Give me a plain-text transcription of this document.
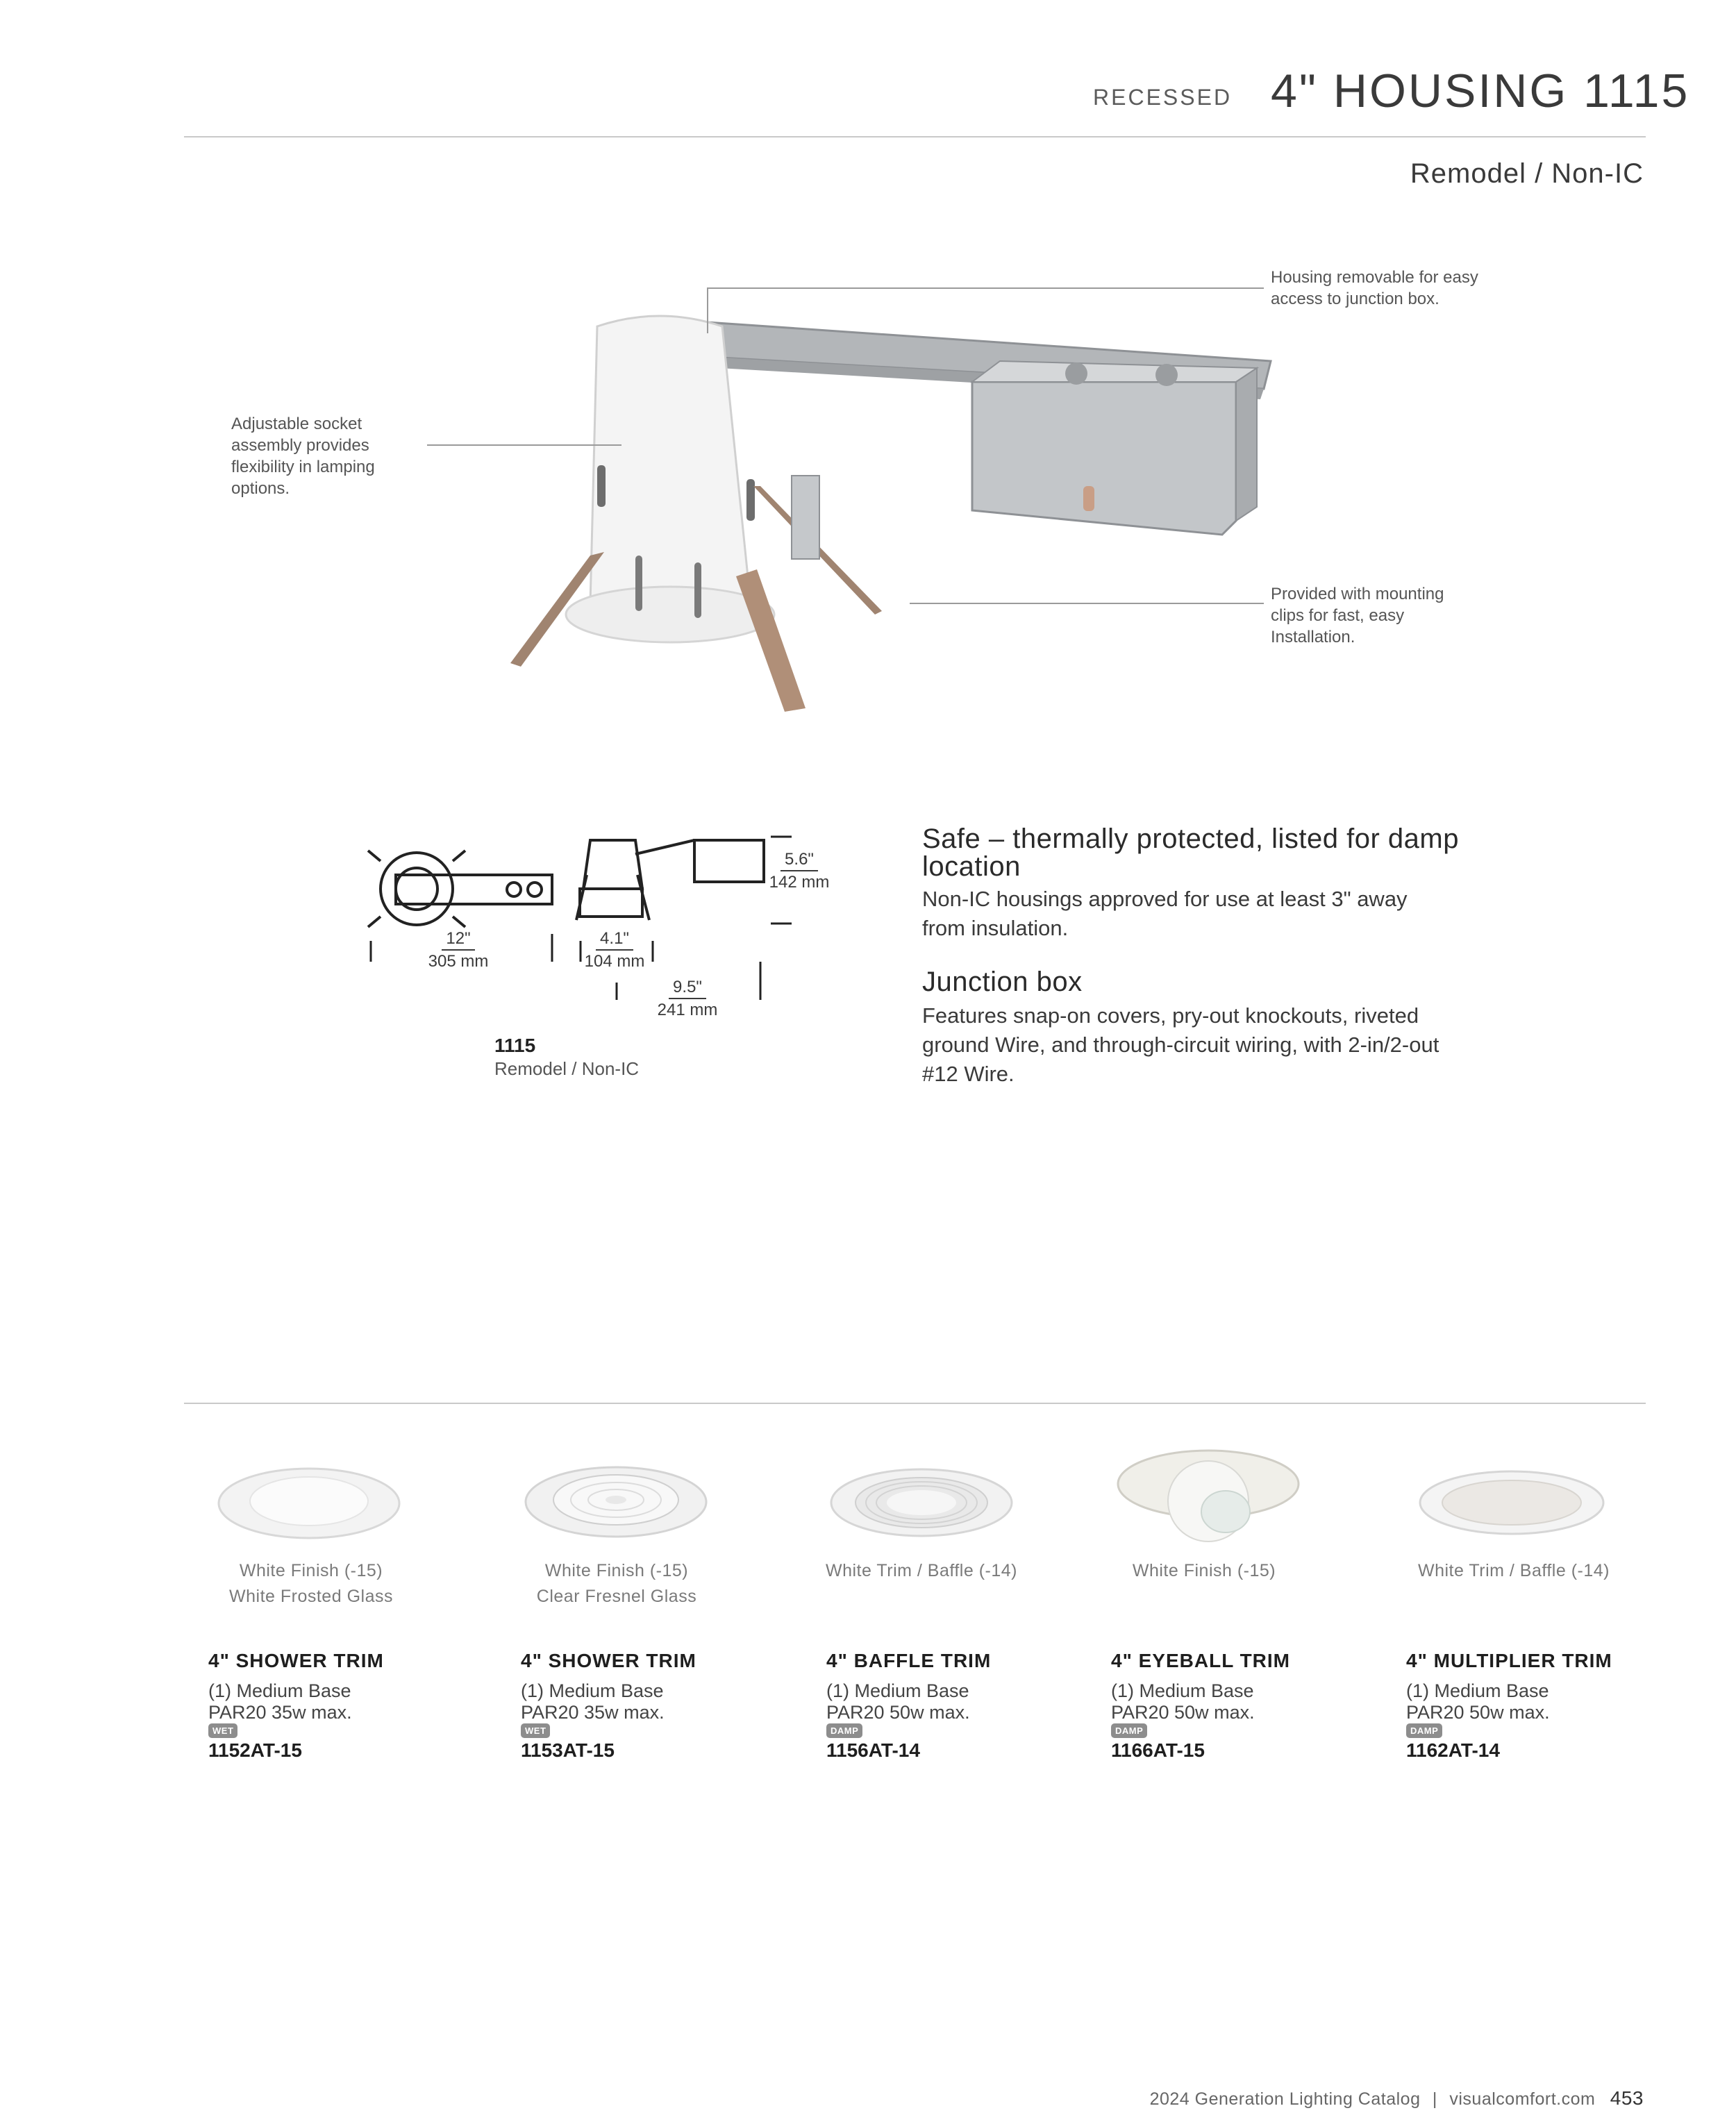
RECESSED 4" HOUSING 1115
Remodel / Non-IC
Housing removable for easy access to junction box.
Adjustable socket assembly provides flexibility in lamping options.
Provided with mounting clips for fast, easy Installation.
5.6"
142 mm
12"
305 mm
4.1"
104 mm
9.5"
241 mm
1115
Remodel / Non-IC
Safe – thermally protected, listed for damp location
Non-IC housings approved for use at least 3" away from insulation.
Junction box
Features snap-on covers, pry-out knockouts, riveted ground Wire, and through-circuit wiring, with 2-in/2-out #12 Wire.
White Finish (-15)
White Frosted Glass
4" SHOWER TRIM
(1) Medium Base
PAR20 35w max.
WET
1152AT-15
White Finish (-15)
Clear Fresnel Glass
4" SHOWER TRIM
(1) Medium Base
PAR20 35w max.
WET
1153AT-15
White Trim / Baffle (-14)
4" BAFFLE TRIM
(1) Medium Base
PAR20 50w max.
DAMP
1156AT-14
White Finish (-15)
4" EYEBALL TRIM
(1) Medium Base
PAR20 50w max.
DAMP
1166AT-15
White Trim / Baffle (-14)
4" MULTIPLIER TRIM
(1) Medium Base
PAR20 50w max.
DAMP
1162AT-14
2024 Generation Lighting Catalog | visualcomfort.com 453
